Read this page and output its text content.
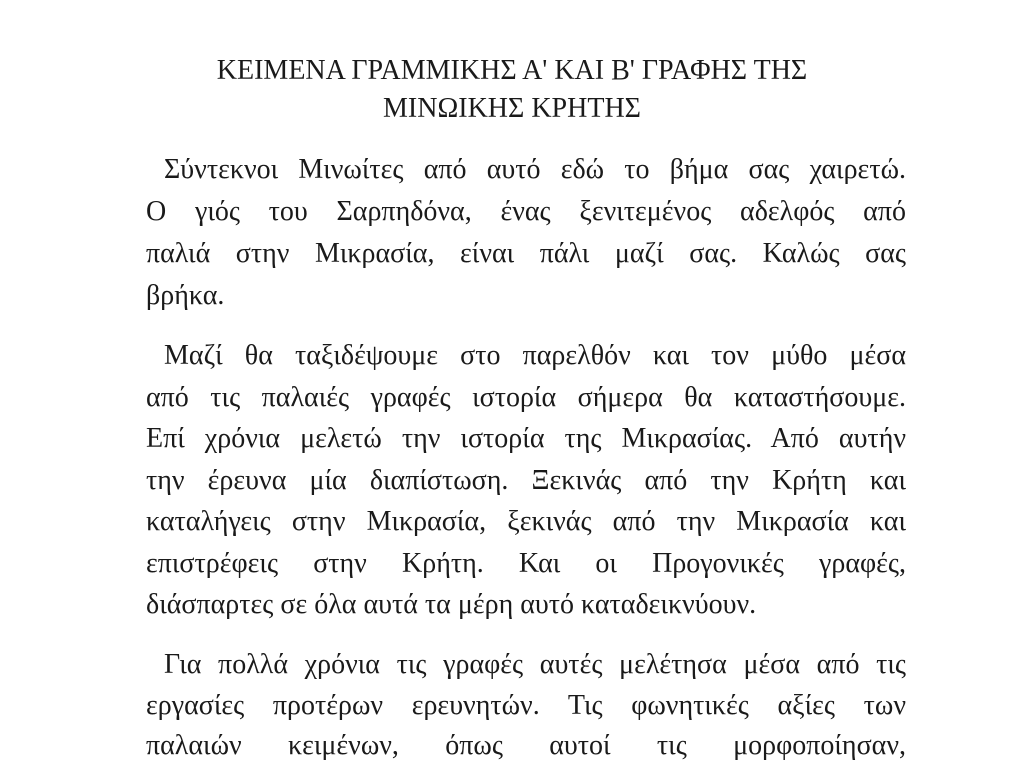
ΚΕΙΜΕΝΑ ΓΡΑΜΜΙΚΗΣ Α' ΚΑΙ Β' ΓΡΑΦΗΣ ΤΗΣ
ΜΙΝΩΙΚΗΣ ΚΡΗΤΗΣ

Σύντεκνοι Μινωίτες από αυτό εδώ το βήμα σας χαιρετώ.

Ο γιός του Σαρπηδόνα, ένας ξενιτεμένος αδελφός από

παλιά στην Μικρασία, είναι πάλι μαζί σας. Καλώς σας

βρήκα.

Μαζί θα ταξιδέψουμε στο παρελθόν και τον μύθο μέσα

από τις παλαιές γραφές ιστορία σήμερα θα καταστήσουμε.

Επί χρόνια μελετώ την ιστορία της Μικρασίας. Από αυτήν

την έρευνα μία διαπίστωση. Ξεκινάς από την Κρήτη και

καταλήγεις στην Μικρασία, ξεκινάς από την Μικρασία και

επιστρέφεις στην Κρήτη. Και οι Προγονικές γραφές,

διάσπαρτες σε όλα αυτά τα μέρη αυτό καταδεικνύουν.

Για πολλά χρόνια τις γραφές αυτές μελέτησα μέσα από τις

εργασίες προτέρων ερευνητών. Τις φωνητικές αξίες των

παλαιών κειμένων, όπως αυτοί τις μορφοποίησαν,
